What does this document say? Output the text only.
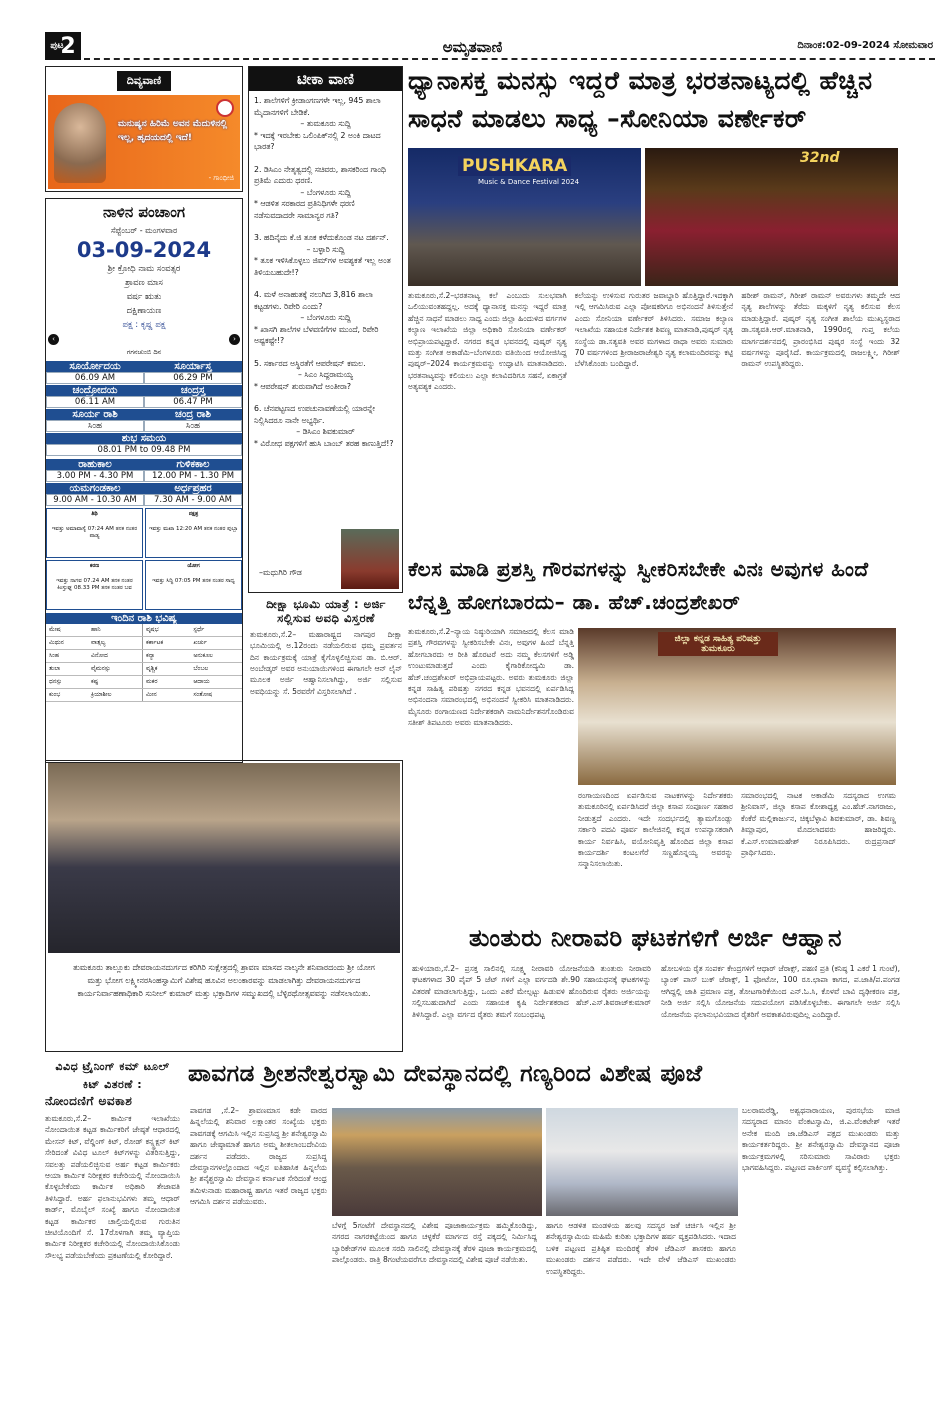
ಪುಟ
2	ಅಮೃತವಾಣಿ	ದಿನಾಂಕ:02-09-2024 ಸೋಮವಾರ
ದಿವ್ಯವಾಣಿ
ಮನುಷ್ಯನ ಹಿರಿಮೆ ಅವನ ಮೆದುಳಿನಲ್ಲಿ ಇಲ್ಲ, ಹೃದಯದಲ್ಲಿ ಇದೆ!
- ಗಾಂಧೀಜಿ
ನಾಳಿನ ಪಂಚಾಂಗ
ಸೆಪ್ಟೆಂಬರ್ - ಮಂಗಳವಾರ
03-09-2024
ಶ್ರೀ ಕ್ರೋಧಿ ನಾಮ ಸಂವತ್ಸರ
ಶ್ರಾವಣ ಮಾಸ
ವರ್ಷ ಋತು
ದಕ್ಷಿಣಾಯಣ
ಪಕ್ಷ : ಕೃಷ್ಣ ಪಕ್ಷ
‹	›
ಗಗನಚುಂಬಿ ದಿನ
ಸೂರ್ಯೋದಯ	ಸೂರ್ಯಾಸ್ತ
06.09 AM	06.29 PM
ಚಂದ್ರೋದಯ	ಚಂದ್ರಸ್ತ
06.11 AM	06.47 PM
ಸೂರ್ಯ ರಾಶಿ	ಚಂದ್ರ ರಾಶಿ
ಸಿಂಹ	ಸಿಂಹ
ಶುಭ ಸಮಯ
08.01 PM to 09.48 PM
ರಾಹುಕಾಲ	ಗುಳಿಕಕಾಲ
3.00 PM - 4.30 PM	12.00 PM - 1.30 PM
ಯಮಗಂಡಕಾಲ	ಅರ್ಧಪ್ರಹರ
9.00 AM - 10.30 AM	7.30 AM - 9.00 AM
ತಿಥಿ
ಇವತ್ತು ಅಮಾವಾಸ್ಯೆ 07:24 AM ತನಕ ನಂತರ ಪಾಡ್ಯ
ನಕ್ಷತ್ರ
ಇವತ್ತು ಮಖಾ 12:20 AM ತನಕ ನಂತರ ಪುಬ್ಬಾ
ಕರಣ
ಇವತ್ತು ನಾಗವ 07.24 AM ತನಕ ನಂತರ ಕಿಂಸ್ತುಘ್ನ 08.33 PM ತನಕ ನಂತರ ಬವ
ಯೋಗ
ಇವತ್ತು ಸಿದ್ಧಿ 07:05 PM ತನಕ ನಂತರ ಸಾಧ್ಯ
ಇಂದಿನ ರಾಶಿ ಭವಿಷ್ಯ
ಮೇಷ	ಹಾನಿ	ವೃಷಭ	ಸ್ಪರ್ಧೆ
ಮಿಥುನ	ವಾತ್ಸಲ್ಯ	ಕರ್ಕಾಟಕ	ಖರ್ಚು
ಸಿಂಹ	ವಿನೋದ	ಕನ್ಯಾ	ಅನುಕೂಲ
ತುಲಾ	ವೈಮನಸ್ಸು	ವೃಶ್ಚಿಕ	ಬೆಂಬಲ
ಧನಸ್ಸು	ಕಷ್ಟ	ಮಕರ	ಆದಾಯ
ಕುಂಭ	ಕ್ರಿಯಾಶೀಲ	ಮೀನ	ಸಂತೋಷ
ಟೀಕಾ ವಾಣಿ

1. ಶಾಲೆಗಳಿಗೆ ಕ್ರೀಡಾಂಗಣಗಳೇ ಇಲ್ಲ, 945 ಶಾಲಾ ಮೈದಾನಗಳಿಗೆ ಬೇಡಿಕೆ.
– ತುಮಕೂರು ಸುದ್ದಿ
* ಇದಕ್ಕೆ ಇರಬೇಕು ಒಲಿಂಪಿಕ್‌ನಲ್ಲಿ 2 ಅಂಕಿ ದಾಟದ ಭಾರತ?

2. ಡಿಸಿಎಂ ನೇತೃತ್ವದಲ್ಲಿ ಸಚಿವರು, ಶಾಸಕರಿಂದ ಗಾಂಧಿ ಪ್ರತಿಮೆ ಎದುರು ಧರಣಿ.
– ಬೆಂಗಳೂರು ಸುದ್ದಿ
* ಆಡಳಿತ ಸರಕಾರದ ಪ್ರತಿನಿಧಿಗಳೇ ಧರಣಿ ನಡೆಸುವದಾದರೇ ಸಾಮಾನ್ಯರ ಗತಿ?

3. ಹದಿನೈದು ಕೆ.ಜಿ ತೂಕ ಕಳೆದುಕೊಂಡ ನಟ ದರ್ಶನ್.
– ಬಳ್ಳಾರಿ ಸುದ್ದಿ
* ತೂಕ ಇಳಿಸಿಕೊಳ್ಳಲು ಜಿಮ್‌ಗಳ ಅವಶ್ಯಕತೆ ಇಲ್ಲ ಅಂತ ತಿಳಿಯಬಹುದೇ!?

4. ಮಳೆ ಅನಾಹುತಕ್ಕೆ ನಲುಗಿದ 3,816 ಶಾಲಾ ಕಟ್ಟಡಗಳು. ರಿಪೇರಿ ಎಂದು?
– ಬೆಂಗಳೂರು ಸುದ್ದಿ
* ಖಾಸಗಿ ಶಾಲೆಗಳ ಬೆಳವಣಿಗೆಗಳ ಮುಂದೆ, ರಿಪೇರಿ ಅಷ್ಟಕಷ್ಟೇ!?

5. ಸರ್ಕಾರದ ಅಸ್ಥಿರತೆಗೆ ಆಪರೇಷನ್ ಕಮಲ.
– ಸಿಎಂ ಸಿದ್ದರಾಮಯ್ಯ
* ಆಪರೇಷನ್ ಶುರುವಾಗಿದೆ ಅಂತೀರಾ?

6. ಚೆನಪಟ್ಟಣದ ಉಪಚುನಾವಣೆಯಲ್ಲಿ ಯಾರನ್ನೇ ನಿಲ್ಲಿಸಿದರೂ ನಾನೇ ಅಭ್ಯರ್ಥಿ.
– ಡಿಸಿಎಂ ಶಿವಕುಮಾರ್
* ವಿರೋಧ ಪಕ್ಷಗಳಿಗೆ ಹುಸಿ ಬಾಂಬ್ ತರಹ ಕಾಣುತ್ತಿದೆ!?

–ಮಧುಗಿರಿ ಗೌಡ
ದೀಕ್ಷಾ ಭೂಮಿ ಯಾತ್ರೆ : ಅರ್ಜಿ ಸಲ್ಲಿಸುವ ಅವಧಿ ವಿಸ್ತರಣೆ
ತುಮಕೂರು,ಸೆ.2– ಮಹಾರಾಷ್ಟ್ರದ ನಾಗಪುರ ದೀಕ್ಷಾ ಭೂಮಿಯಲ್ಲಿ ಅ.12ರಂದು ನಡೆಯಲಿರುವ ಧಮ್ಮ ಪ್ರವರ್ತನ ದಿನ ಕಾರ್ಯಕ್ರಮಕ್ಕೆ ಯಾತ್ರೆ ಕೈಗೊಳ್ಳಲಿಚ್ಚಿಸುವ ಡಾ. ಬಿ.ಆರ್. ಅಂಬೇಡ್ಕರ್ ಅವರ ಅನುಯಾಯಿಗಳಿಂದ ಈಗಾಗಲೇ ಆನ್ ಲೈನ್ ಮೂಲಕ ಅರ್ಜಿ ಆಹ್ವಾನಿಸಲಾಗಿದ್ದು, ಅರ್ಜಿ ಸಲ್ಲಿಸುವ ಅವಧಿಯನ್ನು ಸೆ. 5ರವರೆಗೆ ವಿಸ್ತರಿಸಲಾಗಿದೆ .
ತುಮಕೂರು ತಾಲ್ಲೂಕು ದೇವರಾಯನದುರ್ಗದ ಕರಿಗಿರಿ ಸುಕ್ಷೇತ್ರದಲ್ಲಿ ಶ್ರಾವಣ ಮಾಸದ ನಾಲ್ಕನೇ ಶನಿವಾರದಂದು ಶ್ರೀ ಯೋಗ ಮತ್ತು ಭೋಗ ಲಕ್ಷ್ಮೀನರಸಿಂಹಸ್ವಾಮಿಗೆ ವಿಶೇಷ ಹೂವಿನ ಅಲಂಕಾರವನ್ನು ಮಾಡಲಾಗಿತ್ತು ದೇವರಾಯನದುರ್ಗದ ಕಾರ್ಯನಿರ್ವಾಹಣಾಧಿಕಾರಿ ಸುನೀಲ್ ಕುಮಾರ್ ಮತ್ತು ಭಕ್ತಾದಿಗಳ ಸಮ್ಮುಖದಲ್ಲಿ ಬೆಳ್ಳಿರಥೋತ್ಸವವನ್ನು ನಡೆಸಲಾಯಿತು.
ಧ್ಯಾನಾಸಕ್ತ ಮನಸ್ಸು ಇದ್ದರೆ ಮಾತ್ರ ಭರತನಾಟ್ಯದಲ್ಲಿ ಹೆಚ್ಚಿನ ಸಾಧನೆ ಮಾಡಲು ಸಾಧ್ಯ –ಸೋನಿಯಾ ವರ್ಣೇಕರ್
PUSHKARA
Music & Dance Festival 2024
32nd
ತುಮಕೂರು,ಸೆ.2–ಭರತನಾಟ್ಯ ಕಲೆ ಎಂಬುದು ಸುಲಭವಾಗಿ ಒಲಿಯುವಂತಹದ್ದಲ್ಲ. ಅದಕ್ಕೆ ಧ್ಯಾನಾಸಕ್ತ ಮನಸ್ಸು ಇದ್ದರೆ ಮಾತ್ರ ಹೆಚ್ಚಿನ ಸಾಧನೆ ಮಾಡಲು ಸಾಧ್ಯ ಎಂದು ಜಿಲ್ಲಾ ಹಿಂದುಳಿದ ವರ್ಗಗಳ ಕಲ್ಯಾಣ ಇಲಾಖೆಯ ಜಿಲ್ಲಾ ಅಧಿಕಾರಿ ಸೋನಿಯಾ ವರ್ಣೇಕರ್ ಅಭಿಪ್ರಾಯಪಟ್ಟದ್ದಾರೆ. ನಗರದ ಕನ್ನಡ ಭವನದಲ್ಲಿ ಪುಷ್ಕರ್ ನೃತ್ಯ ಮತ್ತು ಸಂಗೀತ ಅಕಾಡೆಮಿ–ಬೆಂಗಳೂರು ವತಿಯಿಂದ ಆಯೋಜಿಸಿದ್ದ ಪುಷ್ಕರ್–2024 ಕಾರ್ಯಕ್ರಮವನ್ನು ಉದ್ಘಾಟಿಸಿ ಮಾತನಾಡಿದರು. ಭರತನಾಟ್ಯವನ್ನು ಕಲಿಯಲು ಎಲ್ಲಾ ಕಲಾವಿದರಿಗೂ ಸಹನೆ, ಏಕಾಗ್ರತೆ ಅತ್ಯವಶ್ಯಕ ಎಂದರು.
ಕಲೆಯನ್ನು ಉಳಿಸುವ ಗುರುತರ ಜವಾಬ್ದಾರಿ ಹೊತ್ತಿದ್ದಾರೆ.ಇದಕ್ಕಾಗಿ ಇಲ್ಲಿ ಆಗಮಿಸಿರುವ ಎಲ್ಲಾ ಪೋಷಕರಿಗೂ ಅಭಿನಂದನೆ ತಿಳಿಸುತ್ತೇನೆ ಎಂದು ಸೋನಿಯಾ ವರ್ಣೇಕರ್ ತಿಳಿಸಿದರು. ಸಮಾಜ ಕಲ್ಯಾಣ ಇಲಾಖೆಯ ಸಹಾಯಕ ನಿರ್ದೇಶಕ ಶಿವಣ್ಣ ಮಾತನಾಡಿ,ಪುಷ್ಕರ್ ನೃತ್ಯ ಸಂಸ್ಥೆಯ ಡಾ.ಸತ್ಯವತಿ ಅವರ ಮಗಳಾದ ರಾಧಾ ಅವರು ಸುಮಾರು 70 ವರ್ಷಗಳಿಂದ ಶ್ರೀರಾಜರಾಜೇಶ್ವರಿ ನೃತ್ಯ ಕಲಾಮಂದಿರವನ್ನು ಕಟ್ಟಿ ಬೆಳೆಸಿಕೊಂಡು ಬಂದಿದ್ದಾರೆ.
ಹರೀಶ್ ರಾಮನ್, ಗಿರೀಶ್ ರಾಮನ್ ಅವರುಗಳು ತಮ್ಮದೇ ಆದ ನೃತ್ಯ ಶಾಲೆಗಳನ್ನು ತೆರೆದು ಮಕ್ಕಳಿಗೆ ನೃತ್ಯ ಕಲಿಸುವ ಕೆಲಸ ಮಾಡುತ್ತಿದ್ದಾರೆ. ಪುಷ್ಕರ್ ನೃತ್ಯ ಸಂಗೀತ ಶಾಲೆಯ ಮುಖ್ಯಸ್ಥರಾದ ಡಾ.ಸತ್ಯವತಿ.ಆರ್.ಮಾತನಾಡಿ, 1990ರಲ್ಲಿ ಗುಪ್ತ ಕಲೆಯ ಮಾರ್ಗದರ್ಶನದಲ್ಲಿ ಪ್ರಾರಂಭಿಸಿದ ಪುಷ್ಕರ ಸಂಸ್ಥೆ ಇಂದು 32 ವರ್ಷಗಳನ್ನು ಪೂರೈಸಿದೆ. ಕಾರ್ಯಕ್ರಮದಲ್ಲಿ ರಾಜಲಕ್ಷ್ಮೀ, ಗಿರೀಶ್ ರಾಮನ್ ಉಪಸ್ಥಿತರಿದ್ದರು.
ಕೆಲಸ ಮಾಡಿ ಪ್ರಶಸ್ತಿ ಗೌರವಗಳನ್ನು ಸ್ವೀಕರಿಸಬೇಕೇ ವಿನಃ ಅವುಗಳ ಹಿಂದೆ ಬೆನ್ನತ್ತಿ ಹೋಗಬಾರದು– ಡಾ. ಹೆಚ್.ಚಂದ್ರಶೇಖರ್
ತುಮಕೂರು,ಸೆ.2–ನ್ಯಾಯ ನಿಷ್ಠುರಿಯಾಗಿ ಸಮಾಜದಲ್ಲಿ ಕೆಲಸ ಮಾಡಿ ಪ್ರಶಸ್ತಿ ಗೌರವಗಳನ್ನು ಸ್ವೀಕರಿಸಬೇಕೇ ವಿನಃ, ಅವುಗಳ ಹಿಂದೆ ಬೆನ್ನತ್ತಿ ಹೋಗಬಾರದು ಆ ರೀತಿ ಹೊರಟರೆ ಅದು ನಮ್ಮ ಕೆಲಸಗಳಿಗೆ ಅಡ್ಡಿ ಉಂಟುಮಾಡುತ್ತದೆ ಎಂದು ಕೈಗಾರಿಕೋದ್ಯಮಿ ಡಾ. ಹೆಚ್.ಚಂದ್ರಶೇಖರ್ ಅಭಿಪ್ರಾಯಪಟ್ಟರು. ಅವರು ತುಮಕೂರು ಜಿಲ್ಲಾ ಕನ್ನಡ ಸಾಹಿತ್ಯ ಪರಿಷತ್ತು ನಗರದ ಕನ್ನಡ ಭವನದಲ್ಲಿ ಏರ್ಪಡಿಸಿದ್ದ ಅಭಿನಂದನಾ ಸಮಾರಂಭದಲ್ಲಿ ಅಭಿನಂದನೆ ಸ್ವೀಕರಿಸಿ ಮಾತನಾಡಿದರು. ಮೈಸೂರು ರಂಗಾಯಣದ ನಿರ್ದೇಶಕರಾಗಿ ನಾಮನಿರ್ದೇಶನಗೊಂಡಿರುವ ಸತೀಶ್ ತಿಪಟೂರು ಅವರು ಮಾತನಾಡಿದರು.
ಜಿಲ್ಲಾ ಕನ್ನಡ ಸಾಹಿತ್ಯ ಪರಿಷತ್ತು ತುಮಕೂರು
ರಂಗಾಯಣದಿಂದ ಏರ್ಪಡಿಸುವ ನಾಟಕಗಳನ್ನು ನಿರ್ದೇಶಕರು ತುಮಕೂರಿನಲ್ಲಿ ಏರ್ಪಡಿಸಿದರೆ ಜಿಲ್ಲಾ ಕಸಾಪ ಸಂಪೂರ್ಣ ಸಹಕಾರ ನೀಡುತ್ತದೆ ಎಂದರು. ಇದೇ ಸಂದರ್ಭದಲ್ಲಿ ತ್ಯಾಮಗೊಂಡ್ಲು ಸರ್ಕಾರಿ ಪದವಿ ಪೂರ್ವ ಕಾಲೇಜಿನಲ್ಲಿ ಕನ್ನಡ ಉಪನ್ಯಾಸಕರಾಗಿ ಕಾರ್ಯ ನಿರ್ವಹಿಸಿ, ವಯೋನಿವೃತ್ತಿ ಹೊಂದಿದ ಜಿಲ್ಲಾ ಕಸಾಪ ಕಾರ್ಯದರ್ಶಿ ಕಂಟಲಗೆರೆ ಸಣ್ಣಹೊನ್ನಯ್ಯ ಅವರನ್ನು ಸನ್ಮಾನಿಸಲಾಯಿತು.
ಸಮಾರಂಭದಲ್ಲಿ ನಾಟಕ ಅಕಾಡೆಮಿ ಸದಸ್ಯರಾದ ಉಗಮ ಶ್ರೀನಿವಾಸ್, ಜಿಲ್ಲಾ ಕಸಾಪ ಕೋಶಾಧ್ಯಕ್ಷ ಎಂ.ಹೆಚ್.ನಾಗರಾಜು, ಕೆಂಕೆರೆ ಮಲ್ಲಿಕಾರ್ಜುನ, ಚಿಕ್ಕಬೆಳ್ಳಾವಿ ಶಿವಕುಮಾರ್, ಡಾ. ಶಿವಣ್ಣ ತಿಮ್ಲಾಪುರ, ಮೊದಲಾದವರು ಹಾಜರಿದ್ದರು. ಕೆ.ಎಸ್.ಉಮಾಮಹೇಶ್ ನಿರೂಪಿಸಿದರು. ರುದ್ರಪ್ರಸಾದ್ ಪ್ರಾರ್ಥಿಸಿದರು.
ತುಂತುರು ನೀರಾವರಿ ಘಟಕಗಳಿಗೆ ಅರ್ಜಿ ಆಹ್ವಾನ
ಹುಳಿಯಾರು,ಸೆ.2– ಪ್ರಸಕ್ತ ಸಾಲಿನಲ್ಲಿ ಸೂಕ್ಷ್ಮ ನೀರಾವರಿ ಯೋಜನೆಯಡಿ ತುಂತುರು ನೀರಾವರಿ ಘಟಕಗಳಾದ 30 ಪೈಪ್ 5 ಜೆಟ್ ಗಳಿಗೆ ಎಲ್ಲಾ ವರ್ಗದಡಿ ಶೇ.90 ಸಹಾಯಧನಕ್ಕೆ ಘಟಕಗಳನ್ನು ವಿತರಣೆ ಮಾಡಲಾಗುತ್ತಿದ್ದು, ಒಂದು ಎಕರೆ ಮೇಲ್ಪಟ್ಟು ಹಿಡುವಳಿ ಹೊಂದಿರುವ ರೈತರು ಅರ್ಜಿಯನ್ನು ಸಲ್ಲಿಸಬಹುದಾಗಿದೆ ಎಂದು ಸಹಾಯಕ ಕೃಷಿ ನಿರ್ದೇಶಕರಾದ ಹೆಚ್.ಎಸ್.ಶಿವರಾಜ್‌ಕುಮಾರ್ ತಿಳಿಸಿದ್ದಾರೆ. ಎಲ್ಲಾ ವರ್ಗದ ರೈತರು ತಮಗೆ ಸಂಬಂಧಪಟ್ಟ
ಹೋಬಳಿಯ ರೈತ ಸಂಪರ್ಕ ಕೇಂದ್ರಗಳಿಗೆ ಆಧಾರ್ ಜೆರಾಕ್ಸ್, ಪಹಣಿ ಪ್ರತಿ (ಕನಿಷ್ಠ 1 ಎಕರೆ 1 ಗುಂಟೆ), ಬ್ಯಾಂಕ್ ಪಾಸ್ ಬುಕ್ ಜೆರಾಕ್ಸ್, 1 ಫೋಟೋ, 100 ರೂ.ಛಾಪಾ ಕಾಗದ, ಪ.ಜಾತಿ/ಪ.ಪಂಗಡ ಆಗಿದ್ದಲ್ಲಿ ಜಾತಿ ಪ್ರಮಾಣ ಪತ್ರ, ತೋಟಗಾರಿಕೆಯಿಂದ ಎನ್.ಓ.ಸಿ, ಕೊಳವೆ ಬಾವಿ ದೃಢೀಕರಣ ಪತ್ರ, ನೀಡಿ ಅರ್ಜಿ ಸಲ್ಲಿಸಿ ಯೋಜನೆಯ ಸದುಪಯೋಗ ಪಡಿಸಿಕೊಳ್ಳಬೇಕು. ಈಗಾಗಲೇ ಅರ್ಜಿ ಸಲ್ಲಿಸಿ ಯೋಜನೆಯ ಫಲಾನುಭವಿಯಾದ ರೈತರಿಗೆ ಅವಕಾಶವಿರುವುದಿಲ್ಲ ಎಂದಿದ್ದಾರೆ.
ವಿವಿಧ ಟ್ರೈನಿಂಗ್ ಕಮ್ ಟೂಲ್ ಕಿಟ್ ವಿತರಣೆ :
ನೋಂದಣಿಗೆ ಅವಕಾಶ
ತುಮಕೂರು,ಸೆ.2– ಕಾರ್ಮಿಕ ಇಲಾಖೆಯು ನೋಂದಾಯಿತ ಕಟ್ಟಡ ಕಾರ್ಮಿಕರಿಗೆ ಜೇಷ್ಠತೆ ಆಧಾರದಲ್ಲಿ ಮೇಸನ್ ಕಿಟ್, ವೆಲ್ಡಿಂಗ್ ಕಿಟ್, ರೋಡ್ ಕನ್ಸ್ಟ್ರಕ್ಷನ್ ಕಿಟ್ ಸೇರಿದಂತೆ ವಿವಿಧ ಟೂಲ್ ಕಿಟ್‌ಗಳನ್ನು ವಿತರಿಸುತ್ತಿದ್ದು, ಸವಲತ್ತು ಪಡೆಯಲಿಚ್ಛಿಸುವ ಅರ್ಹ ಕಟ್ಟಡ ಕಾರ್ಮಿಕರು ಆಯಾ ಕಾರ್ಮಿಕ ನಿರೀಕ್ಷಕರ ಕಚೇರಿಯಲ್ಲಿ ನೋಂದಾಯಿಸಿ ಕೊಳ್ಳಬೇಕೆಂದು ಕಾರ್ಮಿಕ ಅಧಿಕಾರಿ ತೇಜಾವತಿ ತಿಳಿಸಿದ್ದಾರೆ. ಅರ್ಹ ಫಲಾನುಭವಿಗಳು ತಮ್ಮ ಆಧಾರ್ ಕಾರ್ಡ್, ಮೊಬೈಲ್ ಸಂಖ್ಯೆ ಹಾಗೂ ನೋಂದಾಯಿತ ಕಟ್ಟಡ ಕಾರ್ಮಿಕರ ಚಾಲ್ತಿಯಲ್ಲಿರುವ ಗುರುತಿನ ಚೀಟಿಯೊಂದಿಗೆ ಸೆ. 17ರೊಳಗಾಗಿ ತಮ್ಮ ವ್ಯಾಪ್ತಿಯ ಕಾರ್ಮಿಕ ನಿರೀಕ್ಷಕರ ಕಚೇರಿಯಲ್ಲಿ ನೋಂದಾಯಿಸಿಕೊಂಡು ಸೌಲಭ್ಯ ಪಡೆಯಬೇಕೆಂದು ಪ್ರಕಟಣೆಯಲ್ಲಿ ಕೋರಿದ್ದಾರೆ.
ಪಾವಗಡ ಶ್ರೀಶನೇಶ್ವರಸ್ವಾಮಿ ದೇವಸ್ಥಾನದಲ್ಲಿ ಗಣ್ಯರಿಂದ ವಿಶೇಷ ಪೂಜೆ
ಪಾವಗಡ ,ಸೆ.2– ಶ್ರಾವಣಮಾಸ ಕಡೇ ವಾರದ ಹಿನ್ನಲೆಯಲ್ಲಿ ಶನಿವಾರ ಲಕ್ಷಾಂತರ ಸಂಖ್ಯೆಯ ಭಕ್ತರು ಪಾವಗಡಕ್ಕೆ ಆಗಮಿಸಿ ಇಲ್ಲಿನ ಸುಪ್ರಸಿದ್ಧ ಶ್ರೀ ಶನೇಶ್ವರಸ್ವಾಮಿ ಹಾಗೂ ಜೇಷ್ಠಾಮಾತೆ ಹಾಗೂ ಅಮ್ಮ ಶೀತಲಾಂಬದೇವಿಯ ದರ್ಶನ ಪಡೆದರು. ರಾಜ್ಯದ ಸುಪ್ರಸಿದ್ಧ ದೇವಸ್ಥಾನಗಳಲ್ಲೊಂದಾದ ಇಲ್ಲಿನ ಐತಿಹಾಸಿಕ ಹಿನ್ನಲೆಯ ಶ್ರೀ ಶನೈಶ್ಚರಸ್ವಾಮಿ ದೇವಸ್ಥಾನ ಕರ್ನಾಟಕ ಸೇರಿದಂತೆ ಆಂಧ್ರ ತಮಿಳುನಾಡು ಮಹಾರಾಷ್ಟ್ರ ಹಾಗೂ ಇತರೆ ರಾಜ್ಯದ ಭಕ್ತರು ಆಗಮಿಸಿ ದರ್ಶನ ಪಡೆಯುವರು.
ಬೆಳಗ್ಗೆ 5ಗಂಟೆಗೆ ದೇವಸ್ಥಾನದಲ್ಲಿ ವಿಶೇಷ ಪೂಜಾಕಾರ್ಯಕ್ರಮ ಹಮ್ಮಿಕೊಂಡಿದ್ದು, ನಗರದ ನಾಗರಕಟ್ಟೆಯಿಂದ ಹಾಗೂ ಚಳ್ಳಕೆರೆ ಮಾರ್ಗದ ರಸ್ತೆ ಪಕ್ಕದಲ್ಲಿ ನಿರ್ಮಿಸಿದ್ದ ಬ್ಯಾರಿಕೇಡ್‌ಗಳ ಮೂಲಕ ಸರದಿ ಸಾಲಿನಲ್ಲಿ ದೇವಸ್ಥಾನಕ್ಕೆ ತೆರಳಿ ಪೂಜಾ ಕಾರ್ಯಕ್ರಮದಲ್ಲಿ ಪಾಲ್ಗೊಂಡರು. ರಾತ್ರಿ 8ಗಂಟೆಯವರೆಗೂ ದೇವಸ್ಥಾನದಲ್ಲಿ ವಿಶೇಷ ಪೂಜೆ ನಡೆಯಿತು.
ಹಾಗೂ ಆಡಳಿತ ಮಂಡಳಿಯ ಹಲವು ಸದಸ್ಯರ ಜತೆ ಚರ್ಚಿಸಿ ಇಲ್ಲಿನ ಶ್ರೀ ಶನೇಶ್ವರಸ್ವಾಮಿಯ ಮಹಿಮೆ ಕುರಿತು ಭಕ್ತಾದಿಗಳ ಹರ್ಷ ವ್ಯಕ್ತಪಡಿಸಿದರು. ಇದಾದ ಬಳಿಕ ಪಟ್ಟಣದ ಪ್ರತಿಷ್ಠಿತ ಮಂದಿರಕ್ಕೆ ತೆರಳಿ ಜೆಡಿಎಸ್ ಶಾಸಕರು ಹಾಗೂ ಮುಖಂಡರು ದರ್ಶನ ಪಡೆದರು. ಇದೇ ವೇಳೆ ಜೆಡಿಎಸ್ ಮುಖಂಡರು ಉಪಸ್ಥಿತರಿದ್ದರು.
ಬಲರಾಮರೆಡ್ಡಿ, ಅಶ್ವಥನಾರಾಯಣ, ಪುರಸಭೆಯ ಮಾಜಿ ಸದಸ್ಯರಾದ ಮಾನಂ ವೆಂಕಟಸ್ವಾಮಿ, ಜಿ.ಎ.ವೆಂಕಟೇಶ್ ಇತರೆ ಅನೇಕ ಮಂದಿ ಜಾ.ಜೆಡಿಎಸ್ ಪಕ್ಷದ ಮುಖಂಡರು ಮತ್ತು ಕಾರ್ಯಕರ್ತರಿದ್ದರು. ಶ್ರೀ ಶನೇಶ್ವರಸ್ವಾಮಿ ದೇವಸ್ಥಾನದ ಪೂಜಾ ಕಾರ್ಯಕ್ರಮಗಳಲ್ಲಿ ಸರಿಸುಮಾರು ಸಾವಿರಾರು ಭಕ್ತರು ಭಾಗವಹಿಸಿದ್ದರು. ಪಟ್ಟಣದ ಪಾರ್ಕಿಂಗ್ ವ್ಯವಸ್ಥೆ ಕಲ್ಪಿಸಲಾಗಿತ್ತು.
